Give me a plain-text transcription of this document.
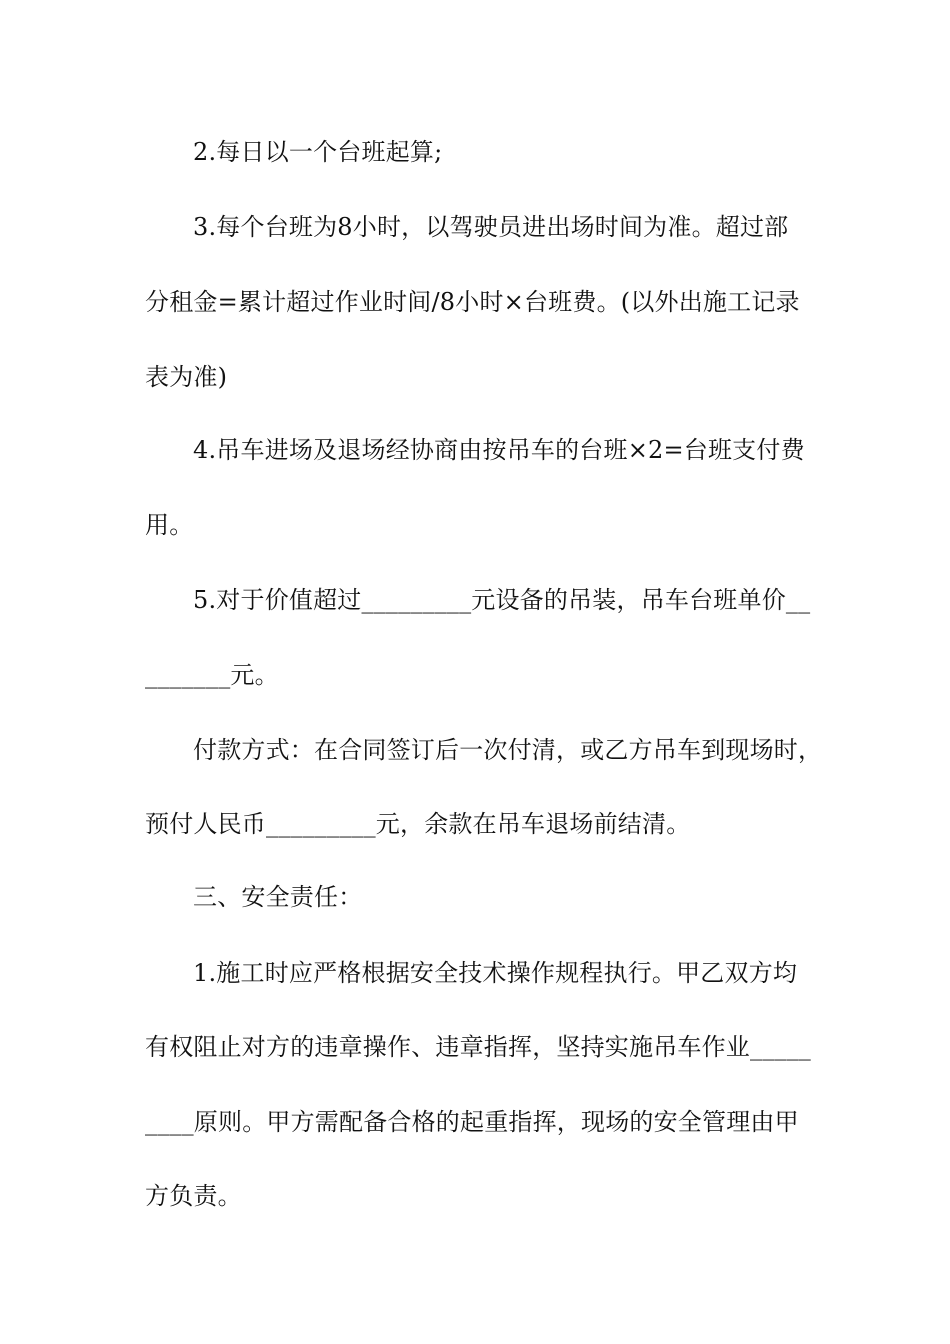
2.每日以一个台班起算;
3.每个台班为8小时，以驾驶员进出场时间为准。超过部
分租金=累计超过作业时间/8小时×台班费。(以外出施工记录
表为准)
4.吊车进场及退场经协商由按吊车的台班×2=台班支付费
用。
5.对于价值超过_________元设备的吊装，吊车台班单价__
_______元。
付款方式：在合同签订后一次付清，或乙方吊车到现场时，
预付人民币_________元，余款在吊车退场前结清。
三、安全责任：
1.施工时应严格根据安全技术操作规程执行。甲乙双方均
有权阻止对方的违章操作、违章指挥，坚持实施吊车作业_____
____原则。甲方需配备合格的起重指挥，现场的安全管理由甲
方负责。
